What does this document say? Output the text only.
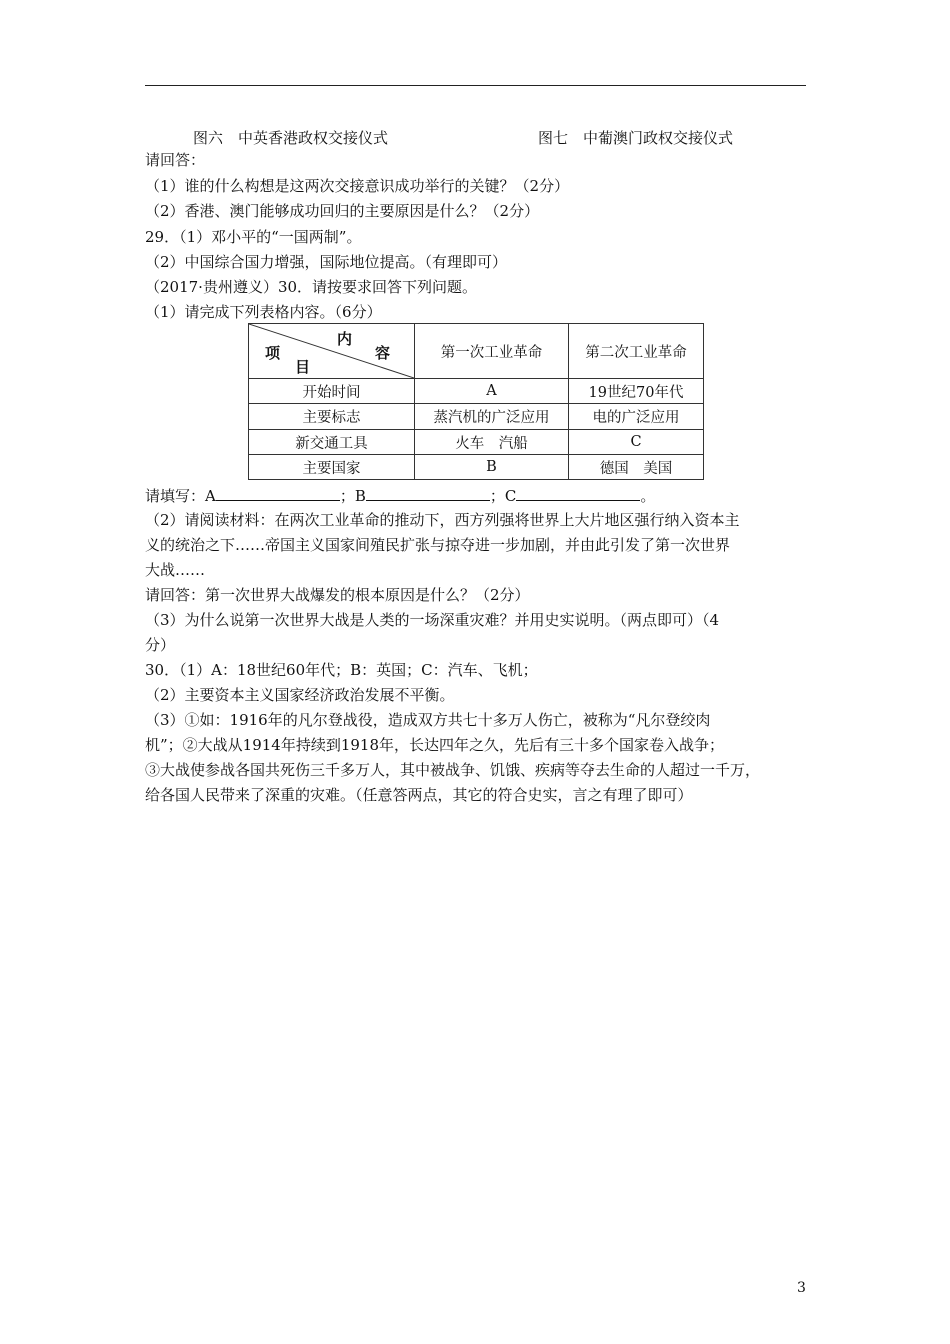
图六　中英香港政权交接仪式	图七　中葡澳门政权交接仪式
请回答：
（1）谁的什么构想是这两次交接意识成功举行的关键？（2分）
（2）香港、澳门能够成功回归的主要原因是什么？（2分）
29．（1）邓小平的“一国两制”。
（2）中国综合国力增强，国际地位提高。（有理即可）
（2017·贵州遵义）30．请按要求回答下列问题。
（1）请完成下列表格内容。（6分）
内
容
项
目	第一次工业革命	第二次工业革命
开始时间	A	19世纪70年代
主要标志	蒸汽机的广泛应用	电的广泛应用
新交通工具	火车　汽船	C
主要国家	B	德国　美国
请填写：A	；B	；C	。
（2）请阅读材料：在两次工业革命的推动下，西方列强将世界上大片地区强行纳入资本主
义的统治之下……帝国主义国家间殖民扩张与掠夺进一步加剧，并由此引发了第一次世界
大战……
请回答：第一次世界大战爆发的根本原因是什么？（2分）
（3）为什么说第一次世界大战是人类的一场深重灾难？并用史实说明。（两点即可）（4
分）
30．（1）A：18世纪60年代；B：英国；C：汽车、飞机；
（2）主要资本主义国家经济政治发展不平衡。
（3）①如：1916年的凡尔登战役，造成双方共七十多万人伤亡，被称为“凡尔登绞肉
机”；②大战从1914年持续到1918年，长达四年之久，先后有三十多个国家卷入战争；
③大战使参战各国共死伤三千多万人，其中被战争、饥饿、疾病等夺去生命的人超过一千万，
给各国人民带来了深重的灾难。（任意答两点，其它的符合史实，言之有理了即可）
3
